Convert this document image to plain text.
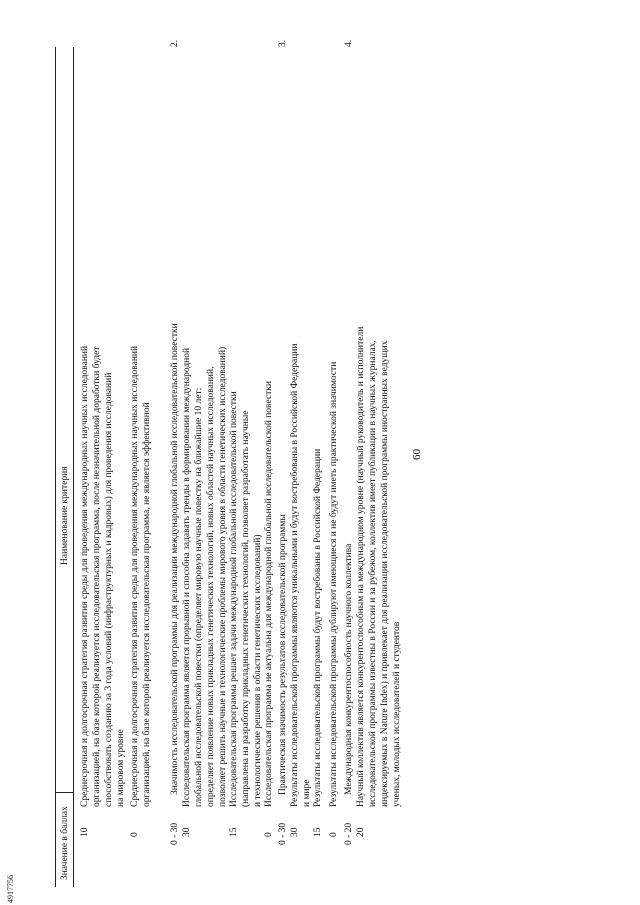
60
4917756
Наименование критерия
Значение в баллах
Среднесрочная и долгосрочная стратегия развития среды для проведения международных научных исследований
организацией, на базе которой реализуется исследовательская программа, после незначительной доработки будет
способствовать созданию за 3 года условий (инфраструктурных и кадровых) для проведения исследований
на мировом уровне
10
Среднесрочная и долгосрочная стратегия развития среды для проведения международных научных исследований
организацией, на базе которой реализуется исследовательская программа, не является эффективной
0
2.
Значимость исследовательской программы для реализации международной глобальной исследовательской повестки
0 - 30
Исследовательская программа является прорывной и способна задавать тренды в формировании международной
глобальной исследовательской повестки (определяет мировую научные повестку на ближайшие 10 лет:
определяет появление новых прикладных генетических технологий, новых областей научных исследований,
позволяет решить научные и технологические проблемы мирового уровня в области генетических исследований)
30
Исследовательская программа решает задачи международной глобальной исследовательской повестки
(направлена на разработку прикладных генетических технологий, позволяет разработать научные
и технологические решения в области генетических исследований)
15
Исследовательская программа не актуальна для международной глобальной исследовательской повестки
0
3.
Практическая значимость результатов исследовательской программы
0 - 30
Результаты исследовательской программы являются уникальными и будут востребованы в Российской Федерации
и мире
30
Результаты исследовательской программы будут востребованы в Российской Федерации
15
Результаты исследовательской программы дублируют имеющиеся и не будут иметь практической значимости
0
4.
Международная конкурентоспособность научного коллектива
0 - 20
Научный коллектив является конкурентоспособным на международном уровне (научный руководитель и исполнители
исследовательской программы известны в России и за рубежом, коллектив имеет публикации в научных журналах,
индексируемых в Nature Index) и привлекает для реализации исследовательской программы иностранных ведущих
ученых, молодых исследователей и студентов
20
